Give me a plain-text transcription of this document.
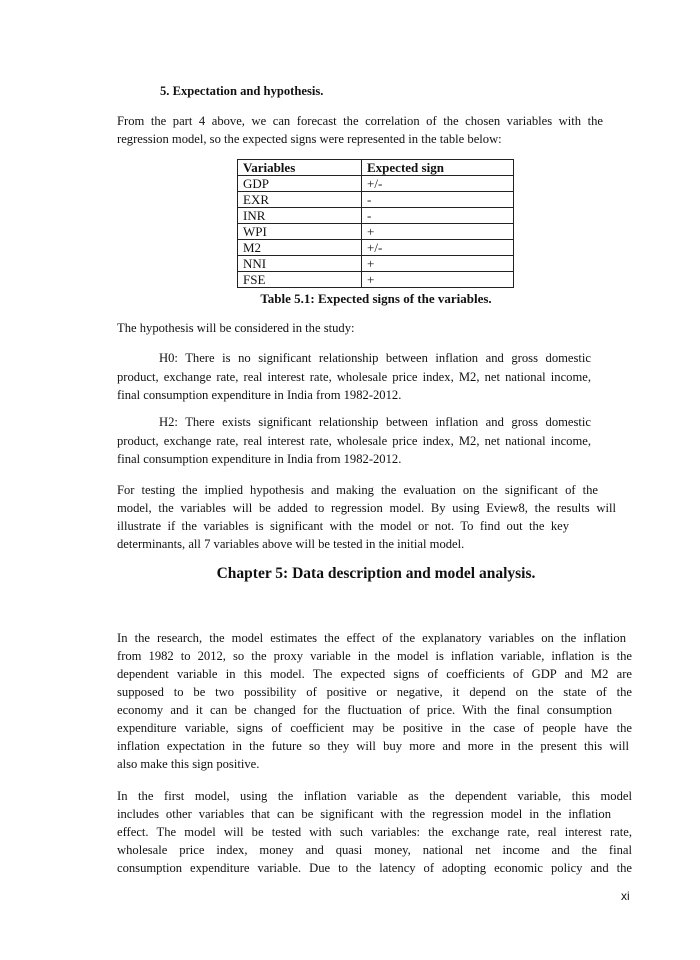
5. Expectation and hypothesis.
From the part 4 above, we can forecast the correlation of the chosen variables with the
regression model, so the expected signs were represented in the table below:
Variables	Expected sign
GDP	+/-
EXR	-
INR	-
WPI	+
M2	+/-
NNI	+
FSE	+
Table 5.1: Expected signs of the variables.
The hypothesis will be considered in the study:
H0: There is no significant relationship between inflation and gross domestic
product, exchange rate, real interest rate, wholesale price index, M2, net national income,
final consumption expenditure in India from 1982-2012.
H2: There exists significant relationship between inflation and gross domestic
product, exchange rate, real interest rate, wholesale price index, M2, net national income,
final consumption expenditure in India from 1982-2012.
For testing the implied hypothesis and making the evaluation on the significant of the
model, the variables will be added to regression model. By using Eview8, the results will
illustrate if the variables is significant with the model or not. To find out the key
determinants, all 7 variables above will be tested in the initial model.
Chapter 5: Data description and model analysis.
In the research, the model estimates the effect of the explanatory variables on the inflation
from 1982 to 2012, so the proxy variable in the model is inflation variable, inflation is the
dependent variable in this model. The expected signs of coefficients of GDP and M2 are
supposed to be two possibility of positive or negative, it depend on the state of the
economy and it can be changed for the fluctuation of price. With the final consumption
expenditure variable, signs of coefficient may be positive in the case of people have the
inflation expectation in the future so they will buy more and more in the present this will
also make this sign positive.
In the first model, using the inflation variable as the dependent variable, this model
includes other variables that can be significant with the regression model in the inflation
effect. The model will be tested with such variables: the exchange rate, real interest rate,
wholesale price index, money and quasi money, national net income and the final
consumption expenditure variable. Due to the latency of adopting economic policy and the
xi
